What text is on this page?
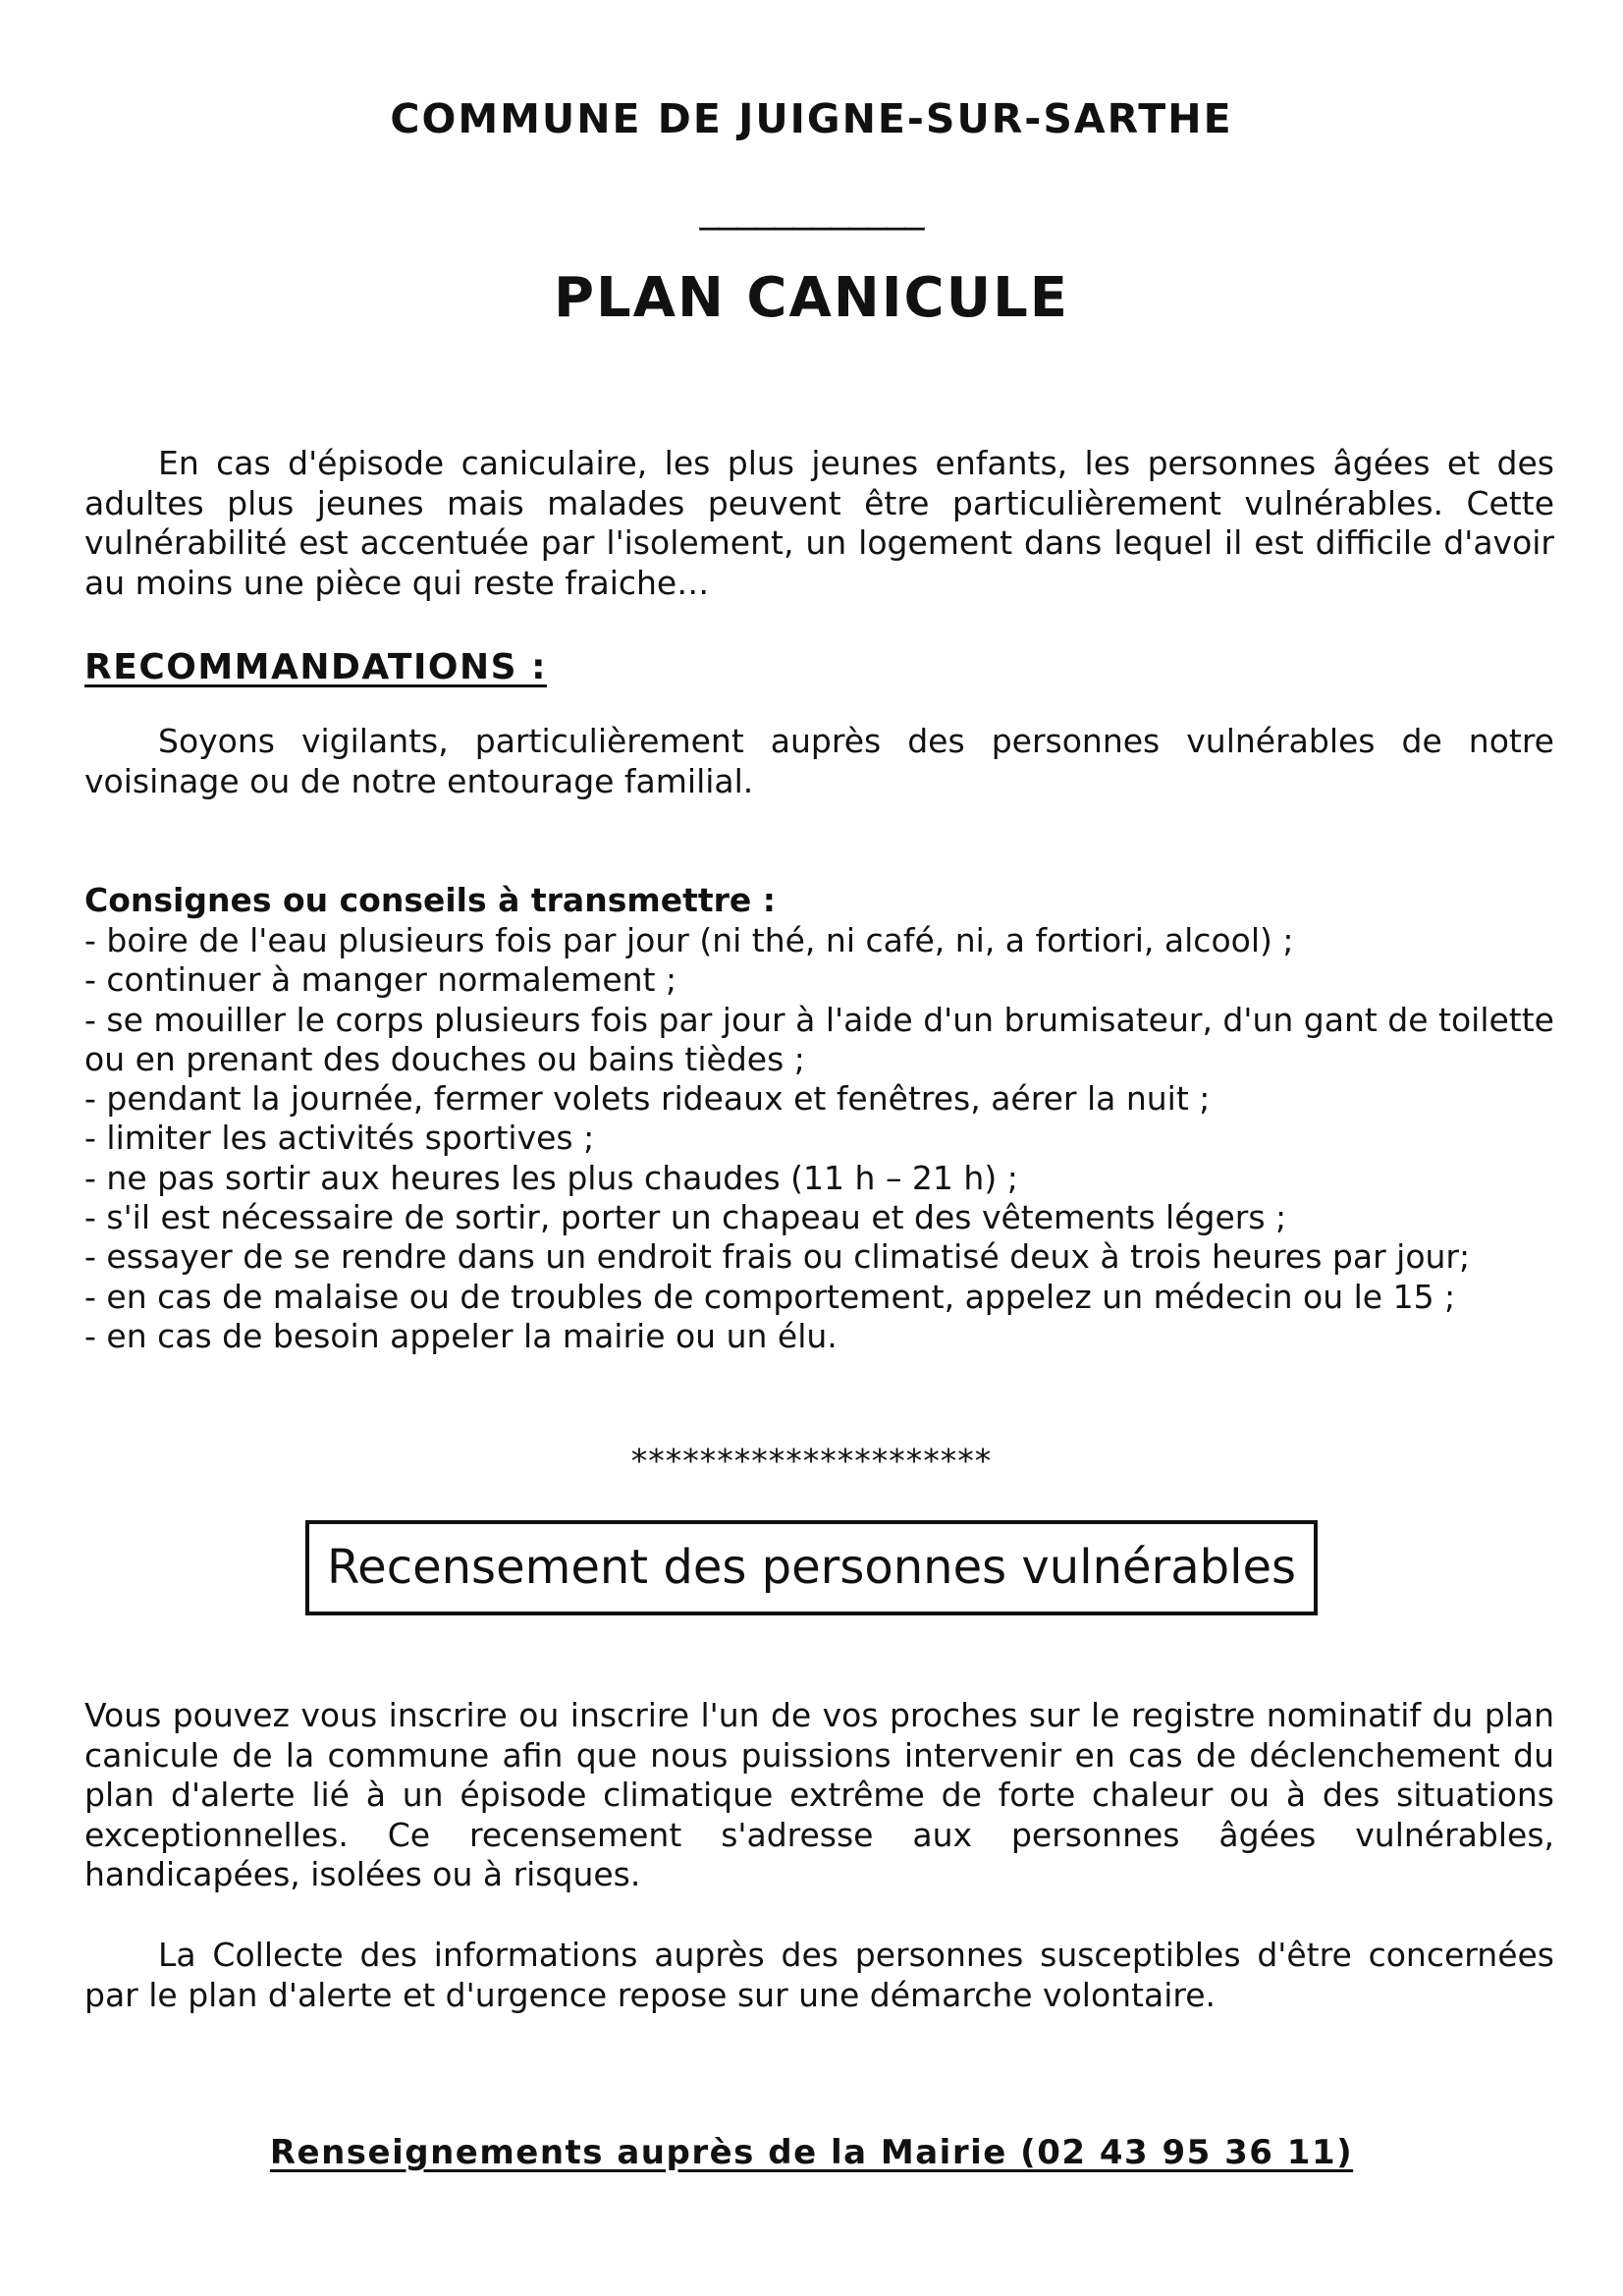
COMMUNE DE JUIGNE-SUR-SARTHE
____________
PLAN CANICULE

En cas d'épisode caniculaire, les plus jeunes enfants, les personnes âgées et des adultes plus jeunes mais malades peuvent être particulièrement vulnérables. Cette vulnérabilité est accentuée par l'isolement, un logement dans lequel il est difficile d'avoir au moins une pièce qui reste fraiche…

RECOMMANDATIONS :

Soyons vigilants, particulièrement auprès des personnes vulnérables de notre voisinage ou de notre entourage familial.

Consignes ou conseils à transmettre :
- boire de l'eau plusieurs fois par jour (ni thé, ni café, ni, a fortiori, alcool) ;
- continuer à manger normalement ;
- se mouiller le corps plusieurs fois par jour à l'aide d'un brumisateur, d'un gant de toilette ou en prenant des douches ou bains tièdes ;
- pendant la journée, fermer volets rideaux et fenêtres, aérer la nuit ;
- limiter les activités sportives ;
- ne pas sortir aux heures les plus chaudes (11 h – 21 h) ;
- s'il est nécessaire de sortir, porter un chapeau et des vêtements légers ;
- essayer de se rendre dans un endroit frais ou climatisé deux à trois heures par jour;
- en cas de malaise ou de troubles de comportement, appelez un médecin ou le 15 ;
- en cas de besoin appeler la mairie ou un élu.
*********************
Recensement des personnes vulnérables

Vous pouvez vous inscrire ou inscrire l'un de vos proches sur le registre nominatif du plan canicule de la commune afin que nous puissions intervenir en cas de déclenchement du plan d'alerte lié à un épisode climatique extrême de forte chaleur ou à des situations exceptionnelles. Ce recensement s'adresse aux personnes âgées vulnérables, handicapées, isolées ou à risques.

La Collecte des informations auprès des personnes susceptibles d'être concernées par le plan d'alerte et d'urgence repose sur une démarche volontaire.

Renseignements auprès de la Mairie (02 43 95 36 11)
